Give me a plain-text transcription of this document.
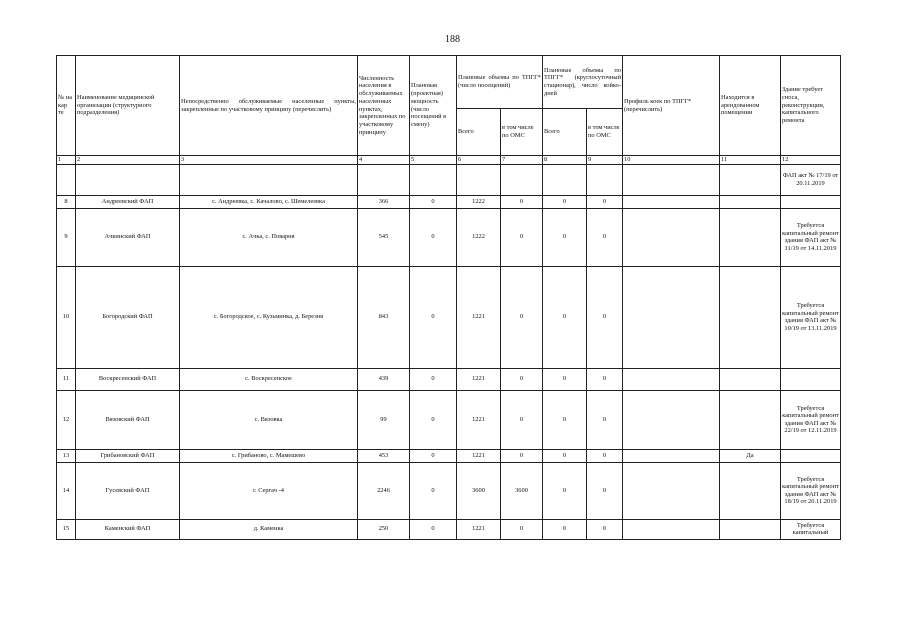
188
№ на кар те	Наименование медицинской организации (структурного подразделения)	Непосредственно обслуживаемые населенные пункты, закрепленные по участковому принципу (перечислить)	Численность населения в обслуживаемых населенных пунктах, закрепленных по участковому принципу	Плановая (проектная) мощность (число посещений в смену)	Плановые объемы по ТПГГ* (число посещений)		Плановые объемы по ТПГГ* (круглосуточный стационар), число койко-дней		Профиль коек по ТПГГ* (перечислить)	Находится в арендованном помещении	Здание требует сноса, реконструкции, капитального ремонта
					Всего	в том числе по ОМС	Всего	в том числе по ОМС			
1	2	3	4	5	6	7	8	9	10	11	12
											ФАП акт № 17/19 от 20.11.2019
8	Андреевский ФАП	с. Андреевка, с. Качалово, с. Шемелеевка	366	0	1222	0	0	0			
9	Ачкинский ФАП	с. Ачка, с. Поварня	545	0	1222	0	0	0			Требуется капитальный ремонт здания ФАП акт № 11/19 от 14.11.2019
10	Богородский ФАП	с. Богородское, с. Кузьминка, д. Березня	843	0	1221	0	0	0			Требуется капитальный ремонт здания ФАП акт № 10/19 от 13.11.2019
11	Воскресенский ФАП	с. Воскресенское	439	0	1221	0	0	0			
12	Вязовский ФАП	с. Вязовка	99	0	1221	0	0	0			Требуется капитальный ремонт здания ФАП акт № 22/19 от 12.11.2019
13	Грибановский ФАП	с. Грибаново, с. Мамешево	453	0	1221	0	0	0		Да	
14	Гусевский ФАП	г. Сергач -4	2246	0	3600	3600	0	0			Требуется капитальный ремонт здания ФАП акт № 18/19 от 20.11.2019
15	Каменский ФАП	д. Каменка	250	0	1221	0	0	0			Требуется капитальный
